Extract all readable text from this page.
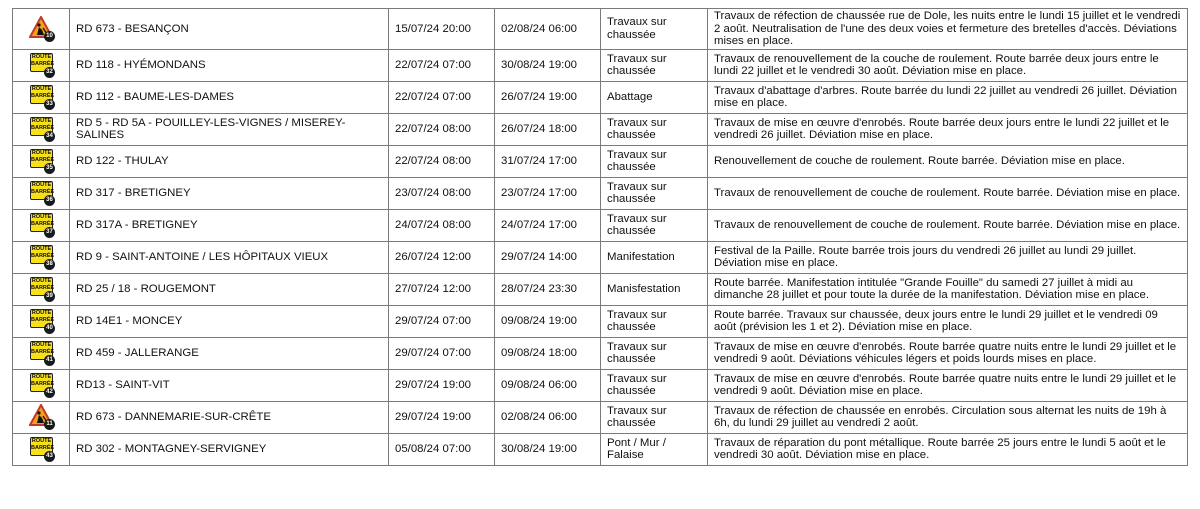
10	RD 673 - BESANÇON	15/07/24 20:00	02/08/24 06:00	Travaux sur chaussée	Travaux de réfection de chaussée rue de Dole, les nuits entre le lundi 15 juillet et le vendredi 2 août. Neutralisation de l'une des deux voies et fermeture des bretelles d'accès. Déviations mises en place.

ROUTE
BARRÉE
32	RD 118 - HYÉMONDANS	22/07/24 07:00	30/08/24 19:00	Travaux sur chaussée	Travaux de renouvellement de la couche de roulement. Route barrée deux jours entre le lundi 22 juillet et le vendredi 30 août. Déviation mise en place.

ROUTE
BARRÉE
33	RD 112 - BAUME-LES-DAMES	22/07/24 07:00	26/07/24 19:00	Abattage	Travaux d'abattage d'arbres. Route barrée du lundi 22 juillet au vendredi 26 juillet. Déviation mise en place.

ROUTE
BARRÉE
34	RD 5 - RD 5A - POUILLEY-LES-VIGNES / MISEREY-SALINES	22/07/24 08:00	26/07/24 18:00	Travaux sur chaussée	Travaux de mise en œuvre d'enrobés. Route barrée deux jours entre le lundi 22 juillet et le vendredi 26 juillet. Déviation mise en place.

ROUTE
BARRÉE
35	RD 122 - THULAY	22/07/24 08:00	31/07/24 17:00	Travaux sur chaussée	Renouvellement de couche de roulement. Route barrée. Déviation mise en place.

ROUTE
BARRÉE
36	RD 317 - BRETIGNEY	23/07/24 08:00	23/07/24 17:00	Travaux sur chaussée	Travaux de renouvellement de couche de roulement. Route barrée. Déviation mise en place.

ROUTE
BARRÉE
37	RD 317A - BRETIGNEY	24/07/24 08:00	24/07/24 17:00	Travaux sur chaussée	Travaux de renouvellement de couche de roulement. Route barrée. Déviation mise en place.

ROUTE
BARRÉE
38	RD 9 - SAINT-ANTOINE / LES HÔPITAUX VIEUX	26/07/24 12:00	29/07/24 14:00	Manifestation	Festival de la Paille. Route barrée trois jours du vendredi 26 juillet au lundi 29 juillet. Déviation mise en place.

ROUTE
BARRÉE
39	RD 25 / 18 - ROUGEMONT	27/07/24 12:00	28/07/24 23:30	Manisfestation	Route barrée. Manifestation intitulée "Grande Fouille" du samedi 27 juillet à midi au dimanche 28 juillet et pour toute la durée de la manifestation. Déviation mise en place.

ROUTE
BARRÉE
40	RD 14E1 - MONCEY	29/07/24 07:00	09/08/24 19:00	Travaux sur chaussée	Route barrée. Travaux sur chaussée, deux jours entre le lundi 29 juillet et le vendredi 09 août (prévision les 1 et 2). Déviation mise en place.

ROUTE
BARRÉE
41	RD 459 - JALLERANGE	29/07/24 07:00	09/08/24 18:00	Travaux sur chaussée	Travaux de mise en œuvre d'enrobés. Route barrée quatre nuits entre le lundi 29 juillet et le vendredi 9 août. Déviations véhicules légers et poids lourds mises en place.

ROUTE
BARRÉE
42	RD13 - SAINT-VIT	29/07/24 19:00	09/08/24 06:00	Travaux sur chaussée	Travaux de mise en œuvre d'enrobés. Route barrée quatre nuits entre le lundi 29 juillet et le vendredi 9 août. Déviation mise en place.

11	RD 673 - DANNEMARIE-SUR-CRÊTE	29/07/24 19:00	02/08/24 06:00	Travaux sur chaussée	Travaux de réfection de chaussée en enrobés. Circulation sous alternat les nuits de 19h à 6h, du lundi 29 juillet au vendredi 2 août.

ROUTE
BARRÉE
43	RD 302 - MONTAGNEY-SERVIGNEY	05/08/24 07:00	30/08/24 19:00	Pont / Mur / Falaise	Travaux de réparation du pont métallique. Route barrée 25 jours entre le lundi 5 août et le vendredi 30 août. Déviation mise en place.
